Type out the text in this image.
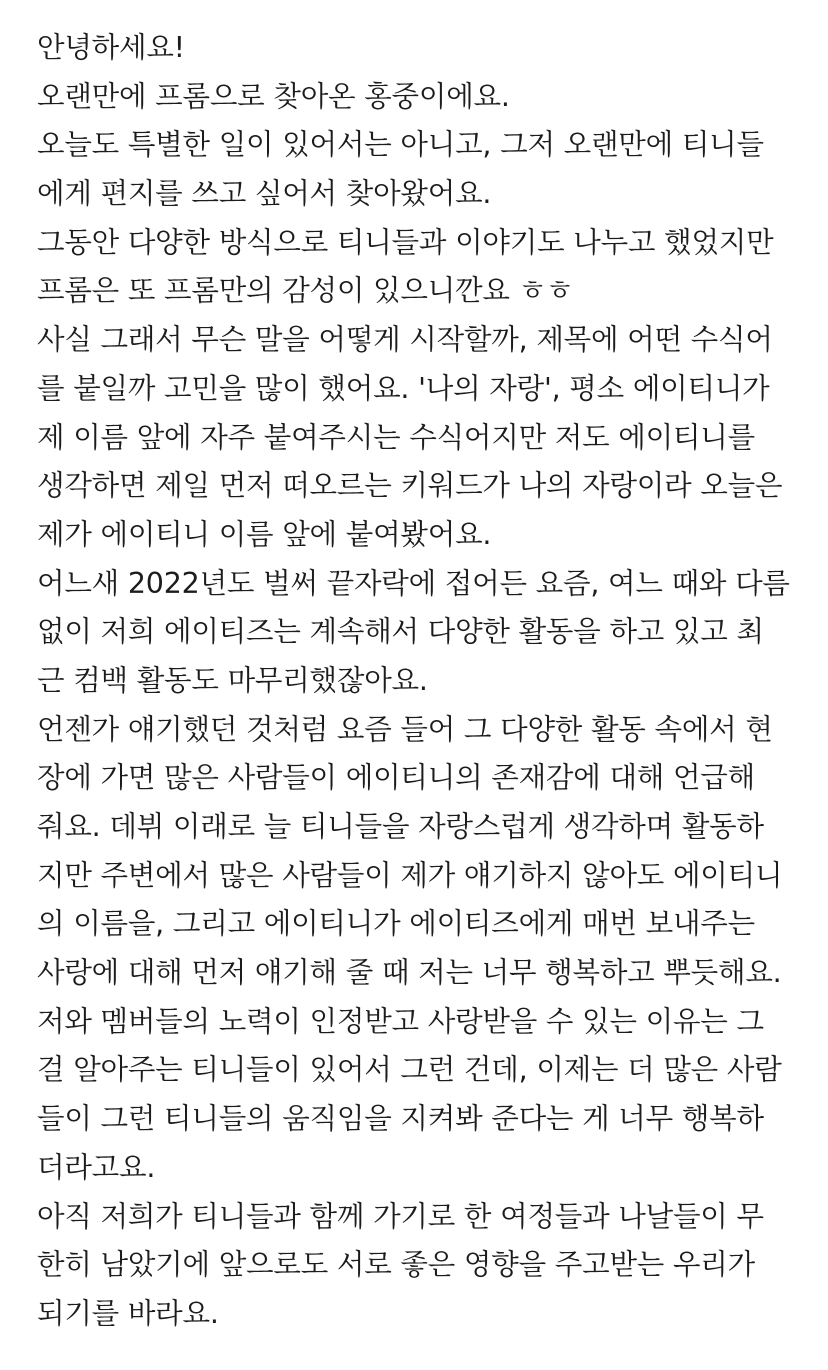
안녕하세요!
오랜만에 프롬으로 찾아온 홍중이에요.
오늘도 특별한 일이 있어서는 아니고, 그저 오랜만에 티니들
에게 편지를 쓰고 싶어서 찾아왔어요.
그동안 다양한 방식으로 티니들과 이야기도 나누고 했었지만
프롬은 또 프롬만의 감성이 있으니깐요 ㅎㅎ
사실 그래서 무슨 말을 어떻게 시작할까, 제목에 어떤 수식어
를 붙일까 고민을 많이 했어요. '나의 자랑', 평소 에이티니가
제 이름 앞에 자주 붙여주시는 수식어지만 저도 에이티니를
생각하면 제일 먼저 떠오르는 키워드가 나의 자랑이라 오늘은
제가 에이티니 이름 앞에 붙여봤어요.
어느새 2022년도 벌써 끝자락에 접어든 요즘, 여느 때와 다름
없이 저희 에이티즈는 계속해서 다양한 활동을 하고 있고 최
근 컴백 활동도 마무리했잖아요.
언젠가 얘기했던 것처럼 요즘 들어 그 다양한 활동 속에서 현
장에 가면 많은 사람들이 에이티니의 존재감에 대해 언급해
줘요. 데뷔 이래로 늘 티니들을 자랑스럽게 생각하며 활동하
지만 주변에서 많은 사람들이 제가 얘기하지 않아도 에이티니
의 이름을, 그리고 에이티니가 에이티즈에게 매번 보내주는
사랑에 대해 먼저 얘기해 줄 때 저는 너무 행복하고 뿌듯해요.
저와 멤버들의 노력이 인정받고 사랑받을 수 있는 이유는 그
걸 알아주는 티니들이 있어서 그런 건데, 이제는 더 많은 사람
들이 그런 티니들의 움직임을 지켜봐 준다는 게 너무 행복하
더라고요.
아직 저희가 티니들과 함께 가기로 한 여정들과 나날들이 무
한히 남았기에 앞으로도 서로 좋은 영향을 주고받는 우리가
되기를 바라요.
